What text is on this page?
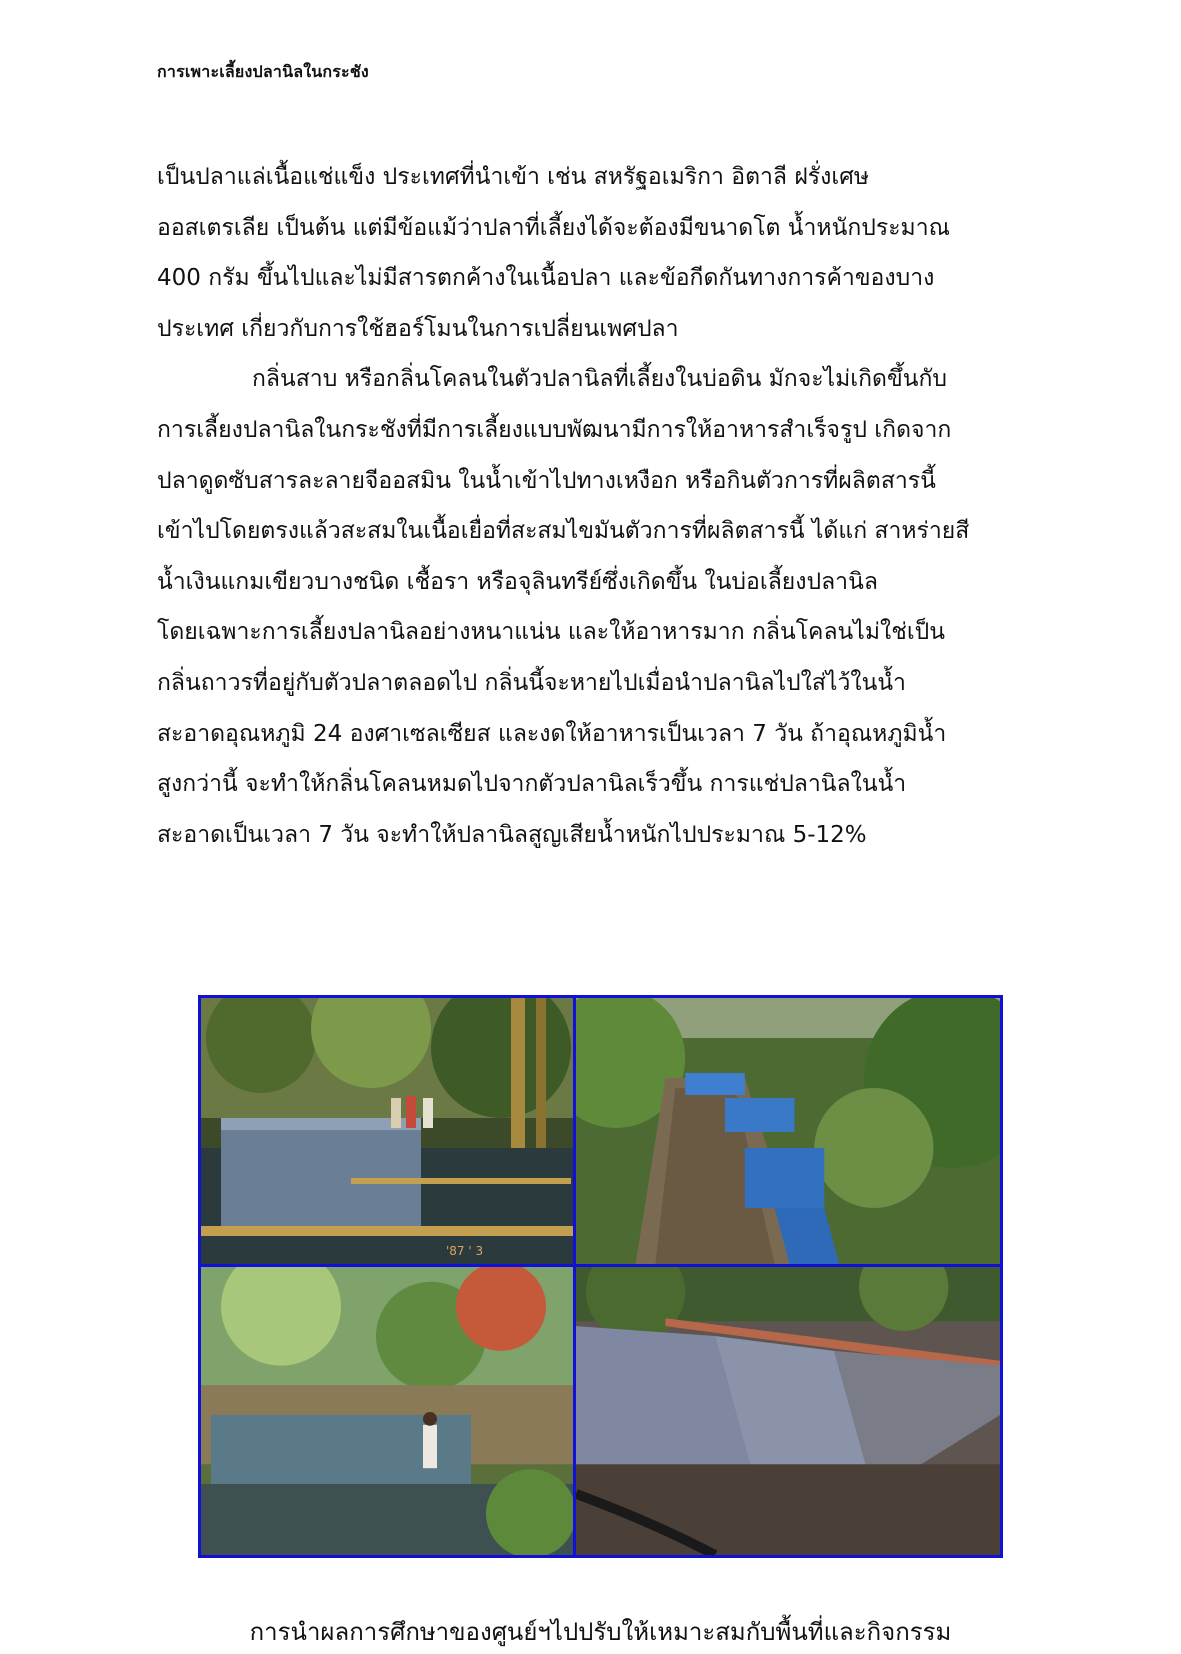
การเพาะเลี้ยงปลานิลในกระชัง
เป็นปลาแล่เนื้อแช่แข็ง ประเทศที่นำเข้า เช่น สหรัฐอเมริกา อิตาลี ฝรั่งเศษ
ออสเตรเลีย เป็นต้น แต่มีข้อแม้ว่าปลาที่เลี้ยงได้จะต้องมีขนาดโต น้ำหนักประมาณ
400 กรัม ขึ้นไปและไม่มีสารตกค้างในเนื้อปลา และข้อกีดกันทางการค้าของบาง
ประเทศ เกี่ยวกับการใช้ฮอร์โมนในการเปลี่ยนเพศปลา
กลิ่นสาบ หรือกลิ่นโคลนในตัวปลานิลที่เลี้ยงในบ่อดิน มักจะไม่เกิดขึ้นกับ
การเลี้ยงปลานิลในกระชังที่มีการเลี้ยงแบบพัฒนามีการให้อาหารสำเร็จรูป เกิดจาก
ปลาดูดซับสารละลายจีออสมิน ในน้ำเข้าไปทางเหงือก หรือกินตัวการที่ผลิตสารนี้
เข้าไปโดยตรงแล้วสะสมในเนื้อเยื่อที่สะสมไขมันตัวการที่ผลิตสารนี้ ได้แก่ สาหร่ายสี
น้ำเงินแกมเขียวบางชนิด เชื้อรา หรือจุลินทรีย์ซึ่งเกิดขึ้น ในบ่อเลี้ยงปลานิล
โดยเฉพาะการเลี้ยงปลานิลอย่างหนาแน่น และให้อาหารมาก กลิ่นโคลนไม่ใช่เป็น
กลิ่นถาวรที่อยู่กับตัวปลาตลอดไป กลิ่นนี้จะหายไปเมื่อนำปลานิลไปใส่ไว้ในน้ำ
สะอาดอุณหภูมิ 24 องศาเซลเซียส และงดให้อาหารเป็นเวลา 7 วัน ถ้าอุณหภูมิน้ำ
สูงกว่านี้ จะทำให้กลิ่นโคลนหมดไปจากตัวปลานิลเร็วขึ้น การแช่ปลานิลในน้ำ
สะอาดเป็นเวลา 7 วัน จะทำให้ปลานิลสูญเสียน้ำหนักไปประมาณ 5-12%
'87 ' 3
การนำผลการศึกษาของศูนย์ฯไปปรับให้เหมาะสมกับพื้นที่และกิจกรรม
